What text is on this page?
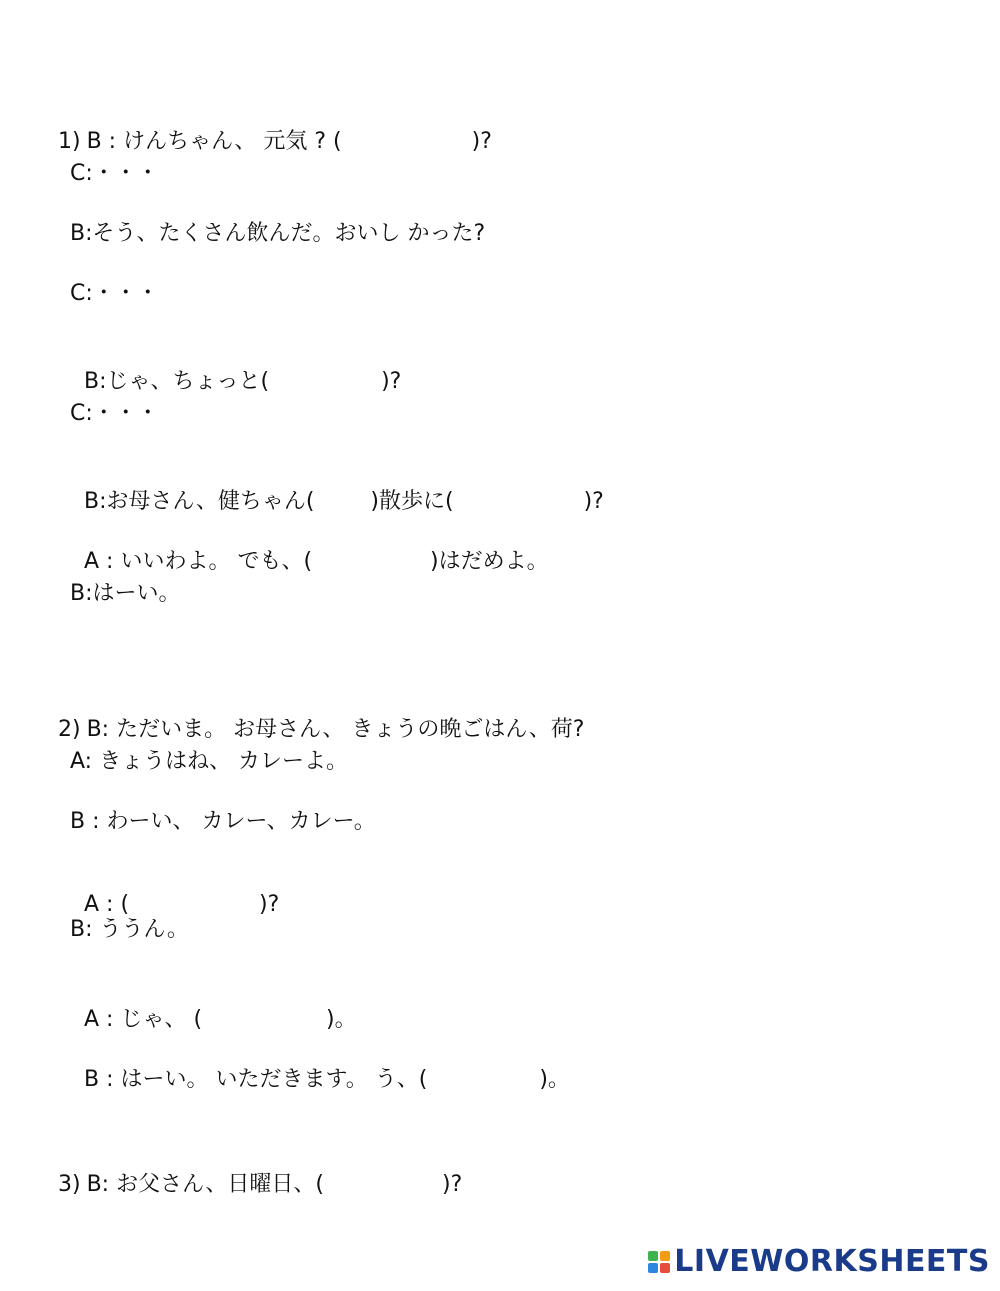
1) B : けんちゃん、 元気 ? (	)?

C:・・・
B:そう、たくさん飲んだ。おいし かった?
C:・・・

B:じゃ、ちょっと(	)?

C:・・・

B:お母さん、健ちゃん(	)散歩に(	)?

A : いいわよ。 でも、(	)はだめよ。

B:はーい。

2) B: ただいま。 お母さん、 きょうの晩ごはん、荷?

A: きょうはね、 カレーよ。
B : わーい、 カレー、カレー。

A : (	)?

B: ううん。

A : じゃ、 (	)。

B : はーい。 いただきます。 う、(	)。

3) B: お父さん、日曜日、(	)?

LIVEWORKSHEETS
